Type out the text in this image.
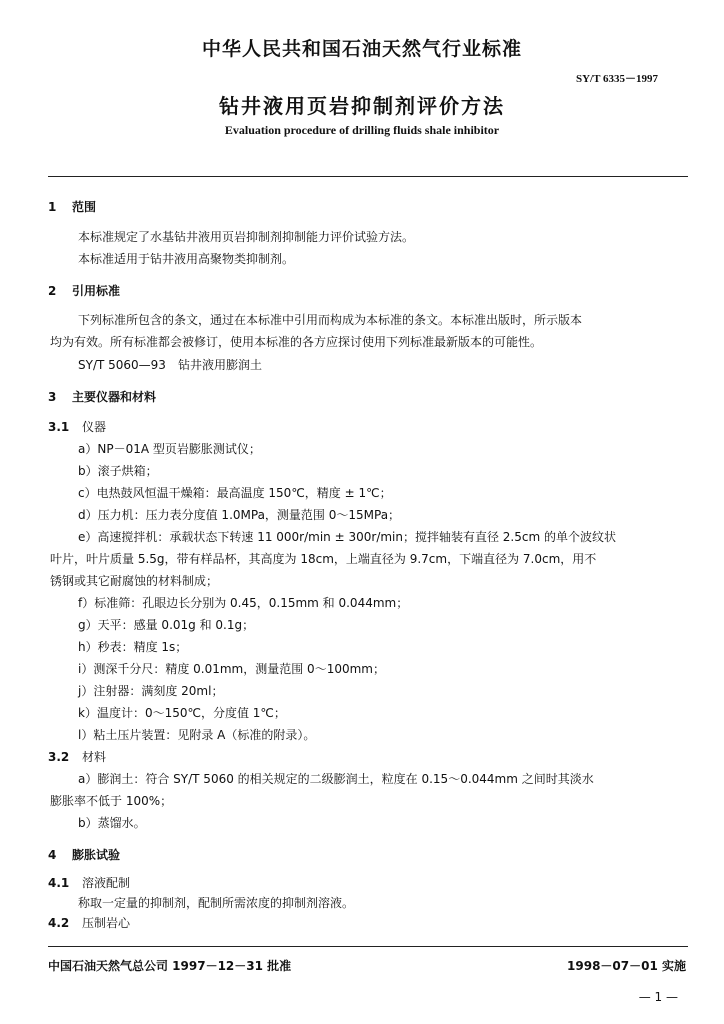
中华人民共和国石油天然气行业标准
SY/T 6335－1997
钻井液用页岩抑制剂评价方法
Evaluation procedure of drilling fluids shale inhibitor
1 范围
本标准规定了水基钻井液用页岩抑制剂抑制能力评价试验方法。
本标准适用于钻井液用高聚物类抑制剂。
2 引用标准
下列标准所包含的条文，通过在本标准中引用而构成为本标准的条文。本标准出版时，所示版本
均为有效。所有标准都会被修订，使用本标准的各方应探讨使用下列标准最新版本的可能性。
SY/T 5060—93　钻井液用膨润土
3 主要仪器和材料
3.1 仪器
a）NP－01A 型页岩膨胀测试仪；
b）滚子烘箱；
c）电热鼓风恒温干燥箱：最高温度 150℃，精度 ± 1℃；
d）压力机：压力表分度值 1.0MPa，测量范围 0～15MPa；
e）高速搅拌机：承载状态下转速 11 000r/min ± 300r/min；搅拌轴装有直径 2.5cm 的单个波纹状
叶片，叶片质量 5.5g，带有样品杯，其高度为 18cm，上端直径为 9.7cm，下端直径为 7.0cm，用不
锈钢或其它耐腐蚀的材料制成；
f）标准筛：孔眼边长分别为 0.45，0.15mm 和 0.044mm；
g）天平：感量 0.01g 和 0.1g；
h）秒表：精度 1s；
i）测深千分尺：精度 0.01mm，测量范围 0～100mm；
j）注射器：满刻度 20ml；
k）温度计：0～150℃，分度值 1℃；
l）粘土压片装置：见附录 A（标准的附录）。
3.2 材料
a）膨润土：符合 SY/T 5060 的相关规定的二级膨润土，粒度在 0.15～0.044mm 之间时其淡水
膨胀率不低于 100%；
b）蒸馏水。
4 膨胀试验
4.1 溶液配制
称取一定量的抑制剂，配制所需浓度的抑制剂溶液。
4.2 压制岩心
中国石油天然气总公司 1997－12－31 批准	1998－07－01 实施
— 1 —
